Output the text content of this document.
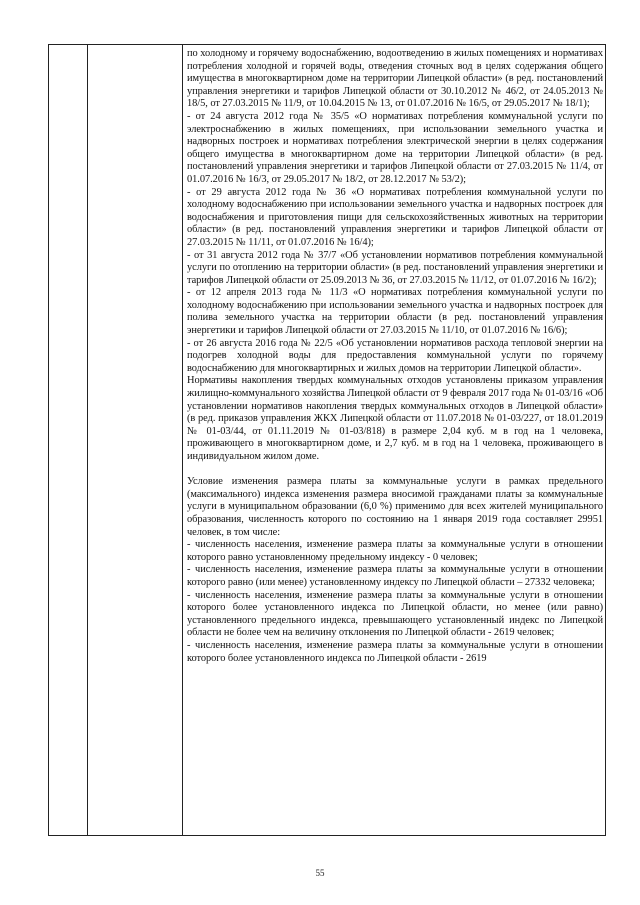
по холодному и горячему водоснабжению, водоотведению в жилых помещениях и нормативах потребления холодной и горячей воды, отведения сточных вод в целях содержания общего имущества в многоквартирном доме на территории Липецкой области» (в ред. постановлений управления энергетики и тарифов Липецкой области от 30.10.2012 № 46/2, от 24.05.2013 № 18/5, от 27.03.2015 № 11/9, от 10.04.2015 № 13, от 01.07.2016 № 16/5, от 29.05.2017 № 18/1);

- от 24 августа 2012 года № 35/5 «О нормативах потребления коммунальной услуги по электроснабжению в жилых помещениях, при использовании земельного участка и надворных построек и нормативах потребления электрической энергии в целях содержания общего имущества в многоквартирном доме на территории Липецкой области» (в ред. постановлений управления энергетики и тарифов Липецкой области от 27.03.2015 № 11/4, от 01.07.2016 № 16/3, от 29.05.2017 № 18/2, от 28.12.2017 № 53/2);

- от 29 августа 2012 года № 36 «О нормативах потребления коммунальной услуги по холодному водоснабжению при использовании земельного участка и надворных построек для водоснабжения и приготовления пищи для сельскохозяйственных животных на территории области» (в ред. постановлений управления энергетики и тарифов Липецкой области от 27.03.2015 № 11/11, от 01.07.2016 № 16/4);

- от 31 августа 2012 года № 37/7 «Об установлении нормативов потребления коммунальной услуги по отоплению на территории области» (в ред. постановлений управления энергетики и тарифов Липецкой области от 25.09.2013 № 36, от 27.03.2015 № 11/12, от 01.07.2016 № 16/2);

- от 12 апреля 2013 года № 11/3 «О нормативах потребления коммунальной услуги по холодному водоснабжению при использовании земельного участка и надворных построек для полива земельного участка на территории области (в ред. постановлений управления энергетики и тарифов Липецкой области от 27.03.2015 № 11/10, от 01.07.2016 № 16/6);

- от 26 августа 2016 года № 22/5 «Об установлении нормативов расхода тепловой энергии на подогрев холодной воды для предоставления коммунальной услуги по горячему водоснабжению для многоквартирных и жилых домов на территории Липецкой области».

Нормативы накопления твердых коммунальных отходов установлены приказом управления жилищно-коммунального хозяйства Липецкой области от 9 февраля 2017 года № 01-03/16 «Об установлении нормативов накопления твердых коммунальных отходов в Липецкой области» (в ред. приказов управления ЖКХ Липецкой области от 11.07.2018 № 01-03/227, от 18.01.2019 № 01-03/44, от 01.11.2019 № 01-03/818) в размере 2,04 куб. м в год на 1 человека, проживающего в многоквартирном доме, и 2,7 куб. м в год на 1 человека, проживающего в индивидуальном жилом доме.

Условие изменения размера платы за коммунальные услуги в рамках предельного (максимального) индекса изменения размера вносимой гражданами платы за коммунальные услуги в муниципальном образовании (6,0 %) применимо для всех жителей муниципального образования, численность которого по состоянию на 1 января 2019 года составляет 29951 человек, в том числе:

- численность населения, изменение размера платы за коммунальные услуги в отношении которого равно установленному предельному индексу - 0 человек;

- численность населения, изменение размера платы за коммунальные услуги в отношении которого равно (или менее) установленному индексу по Липецкой области – 27332 человека;

- численность населения, изменение размера платы за коммунальные услуги в отношении которого более установленного индекса по Липецкой области, но менее (или равно) установленного предельного индекса, превышающего установленный индекс по Липецкой области не более чем на величину отклонения по Липецкой области - 2619 человек;

- численность населения, изменение размера платы за коммунальные услуги в отношении которого более установленного индекса по Липецкой области - 2619

55
